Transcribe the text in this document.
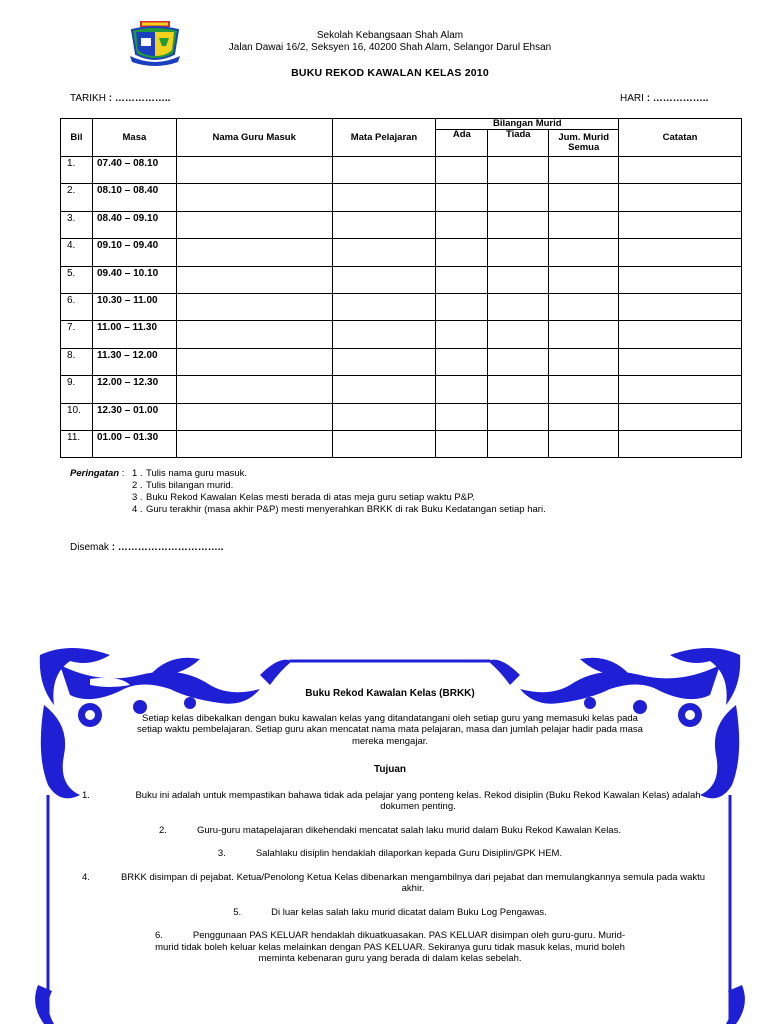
Sekolah Kebangsaan Shah Alam
Jalan Dawai 16/2, Seksyen 16, 40200 Shah Alam, Selangor Darul Ehsan
BUKU REKOD KAWALAN KELAS 2010
TARIKH : ……………..	HARI : ……………..
Bil	Masa	Nama Guru Masuk	Mata Pelajaran	Bilangan Murid			Catatan
				Ada	Tiada	Jum. Murid Semua	
1.	07.40 – 08.10						
2.	08.10 – 08.40						
3.	08.40 – 09.10						
4.	09.10 – 09.40						
5.	09.40 – 10.10						
6.	10.30 – 11.00						
7.	11.00 – 11.30						
8.	11.30 – 12.00						
9.	12.00 – 12.30						
10.	12.30 – 01.00						
11.	01.00 – 01.30						
Peringatan : 1 . Tulis nama guru masuk.
2 . Tulis bilangan murid.
3 . Buku Rekod Kawalan Kelas mesti berada di atas meja guru setiap waktu P&P.
4 . Guru terakhir (masa akhir P&P) mesti menyerahkan BRKK di rak Buku Kedatangan setiap hari.
Disemak : …………………………..
Buku Rekod Kawalan Kelas (BRKK)
Setiap kelas dibekalkan dengan buku kawalan kelas yang ditandatangani oleh setiap guru yang memasuki kelas pada setiap waktu pembelajaran. Setiap guru akan mencatat nama mata pelajaran, masa dan jumlah pelajar hadir pada masa mereka mengajar.
Tujuan
1.	Buku ini adalah untuk mempastikan bahawa tidak ada pelajar yang ponteng kelas. Rekod disiplin (Buku Rekod Kawalan Kelas) adalah dokumen penting.
2.	Guru-guru matapelajaran dikehendaki mencatat salah laku murid dalam Buku Rekod Kawalan Kelas.
3.	Salahlaku disiplin hendaklah dilaporkan kepada Guru Disiplin/GPK HEM.
4.	BRKK disimpan di pejabat. Ketua/Penolong Ketua Kelas dibenarkan mengambilnya dari pejabat dan memulangkannya semula pada waktu akhir.
5.	Di luar kelas salah laku murid dicatat dalam Buku Log Pengawas.
6.	Penggunaan PAS KELUAR hendaklah dikuatkuasakan. PAS KELUAR disimpan oleh guru-guru. Murid-murid tidak boleh keluar kelas melainkan dengan PAS KELUAR. Sekiranya guru tidak masuk kelas, murid boleh meminta kebenaran guru yang berada di dalam kelas sebelah.
